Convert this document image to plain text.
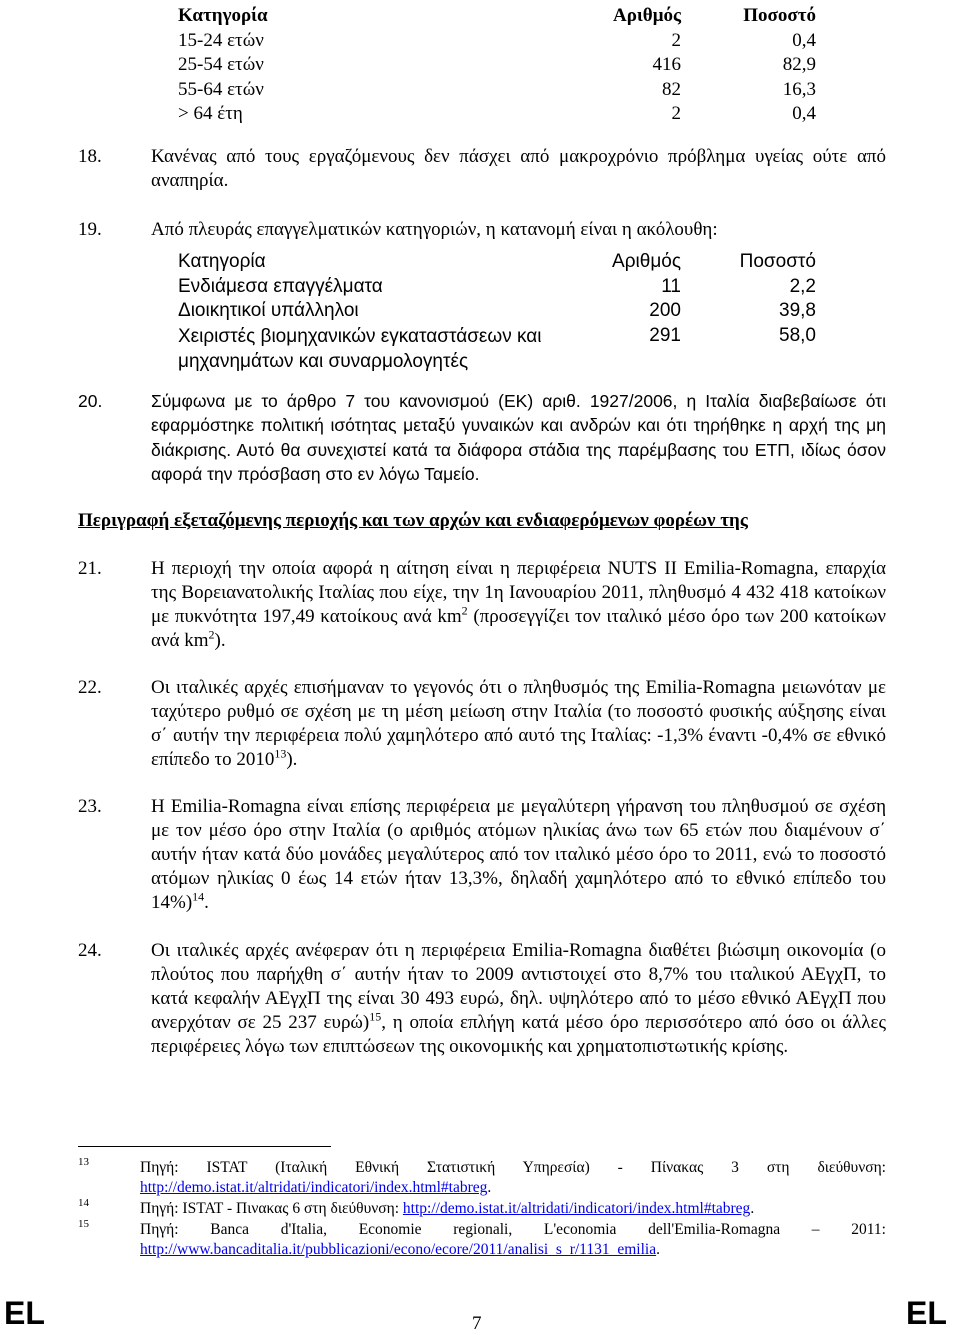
Κατηγορία	Αριθμός	Ποσοστό
15-24 ετών	2	0,4
25-54 ετών	416	82,9
55-64 ετών	82	16,3
> 64 έτη	2	0,4
18.	Κανένας από τους εργαζόμενους δεν πάσχει από μακροχρόνιο πρόβλημα υγείας ούτε από αναπηρία.
19.	Από πλευράς επαγγελματικών κατηγοριών, η κατανομή είναι η ακόλουθη:
Κατηγορία	Αριθμός	Ποσοστό
Ενδιάμεσα επαγγέλματα	11	2,2
Διοικητικοί υπάλληλοι	200	39,8
Χειριστές βιομηχανικών εγκαταστάσεων και μηχανημάτων και συναρμολογητές	291	58,0
20.	Σύμφωνα με το άρθρο 7 του κανονισμού (ΕΚ) αριθ. 1927/2006, η Ιταλία διαβεβαίωσε ότι εφαρμόστηκε πολιτική ισότητας μεταξύ γυναικών και ανδρών και ότι τηρήθηκε η αρχή της μη διάκρισης. Αυτό θα συνεχιστεί κατά τα διάφορα στάδια της παρέμβασης του ΕΤΠ, ιδίως όσον αφορά την πρόσβαση στο εν λόγω Ταμείο.
Περιγραφή εξεταζόμενης περιοχής και των αρχών και ενδιαφερόμενων φορέων της
21.	Η περιοχή την οποία αφορά η αίτηση είναι η περιφέρεια NUTS II Emilia-Romagna, επαρχία της Βορειανατολικής Ιταλίας που είχε, την 1η Ιανουαρίου 2011, πληθυσμό 4 432 418 κατοίκων με πυκνότητα 197,49 κατοίκους ανά $km^2$ (προσεγγίζει τον ιταλικό μέσο όρο των 200 κατοίκων ανά $km^2$).
22.	Οι ιταλικές αρχές επισήμαναν το γεγονός ότι ο πληθυσμός της Emilia-Romagna μειωνόταν με ταχύτερο ρυθμό σε σχέση με τη μέση μείωση στην Ιταλία (το ποσοστό φυσικής αύξησης είναι σ΄ αυτήν την περιφέρεια πολύ χαμηλότερο από αυτό της Ιταλίας: -1,3% έναντι -0,4% σε εθνικό επίπεδο το 2010$^{13}$).
23.	Η Emilia-Romagna είναι επίσης περιφέρεια με μεγαλύτερη γήρανση του πληθυσμού σε σχέση με τον μέσο όρο στην Ιταλία (ο αριθμός ατόμων ηλικίας άνω των 65 ετών που διαμένουν σ΄ αυτήν ήταν κατά δύο μονάδες μεγαλύτερος από τον ιταλικό μέσο όρο το 2011, ενώ το ποσοστό ατόμων ηλικίας 0 έως 14 ετών ήταν 13,3%, δηλαδή χαμηλότερο από το εθνικό επίπεδο του 14%)$^{14}$.
24.	Οι ιταλικές αρχές ανέφεραν ότι η περιφέρεια Emilia-Romagna διαθέτει βιώσιμη οικονομία (ο πλούτος που παρήχθη σ΄ αυτήν ήταν το 2009 αντιστοιχεί στο 8,7% του ιταλικού ΑΕγχΠ, το κατά κεφαλήν ΑΕγχΠ της είναι 30 493 ευρώ, δηλ. υψηλότερο από το μέσο εθνικό ΑΕγχΠ που ανερχόταν σε 25 237 ευρώ)$^{15}$, η οποία επλήγη κατά μέσο όρο περισσότερο από όσο οι άλλες περιφέρειες λόγω των επιπτώσεων της οικονομικής και χρηματοπιστωτικής κρίσης.
13	Πηγή: ISTAT (Ιταλική Εθνική Στατιστική Υπηρεσία) - Πίνακας 3 στη διεύθυνση: http://demo.istat.it/altridati/indicatori/index.html#tabreg.
14	Πηγή: ISTAT - Πινακας 6 στη διεύθυνση: http://demo.istat.it/altridati/indicatori/index.html#tabreg.
15	Πηγή: Banca d'Italia, Economie regionali, L'economia dell'Emilia-Romagna – 2011: http://www.bancaditalia.it/pubblicazioni/econo/ecore/2011/analisi_s_r/1131_emilia.
EL	7	EL
